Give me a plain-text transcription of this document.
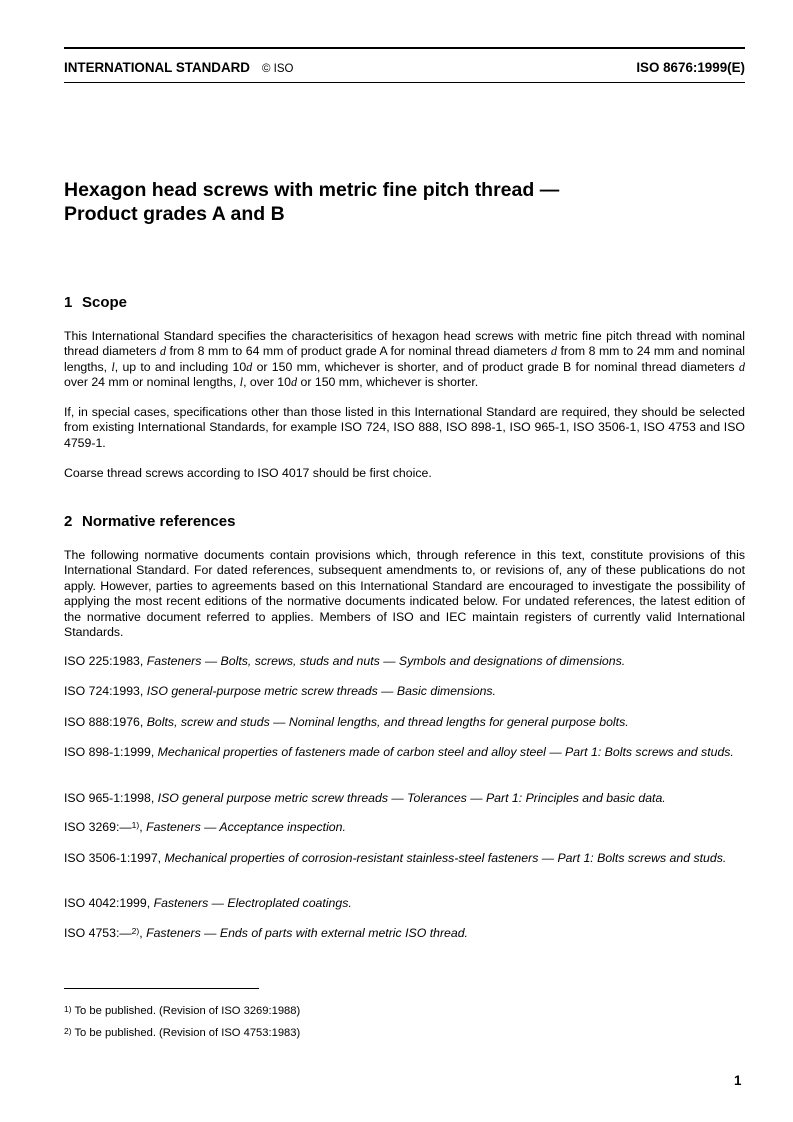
INTERNATIONAL STANDARD © ISO	ISO 8676:1999(E)
Hexagon head screws with metric fine pitch thread —
Product grades A and B
1 Scope

This International Standard specifies the characterisitics of hexagon head screws with metric fine pitch thread with nominal thread diameters d from 8 mm to 64 mm of product grade A for nominal thread diameters d from 8 mm to 24 mm and nominal lengths, l, up to and including 10d or 150 mm, whichever is shorter, and of product grade B for nominal thread diameters d over 24 mm or nominal lengths, l, over 10d or 150 mm, whichever is shorter.

If, in special cases, specifications other than those listed in this International Standard are required, they should be selected from existing International Standards, for example ISO 724, ISO 888, ISO 898-1, ISO 965-1, ISO 3506-1, ISO 4753 and ISO 4759-1.

Coarse thread screws according to ISO 4017 should be first choice.

2 Normative references

The following normative documents contain provisions which, through reference in this text, constitute provisions of this International Standard. For dated references, subsequent amendments to, or revisions of, any of these publications do not apply. However, parties to agreements based on this International Standard are encouraged to investigate the possibility of applying the most recent editions of the normative documents indicated below. For undated references, the latest edition of the normative document referred to applies. Members of ISO and IEC maintain registers of currently valid International Standards.

ISO 225:1983, Fasteners — Bolts, screws, studs and nuts — Symbols and designations of dimensions.

ISO 724:1993, ISO general-purpose metric screw threads — Basic dimensions.

ISO 888:1976, Bolts, screw and studs — Nominal lengths, and thread lengths for general purpose bolts.

ISO 898-1:1999, Mechanical properties of fasteners made of carbon steel and alloy steel — Part 1: Bolts screws and studs.

ISO 965-1:1998, ISO general purpose metric screw threads — Tolerances — Part 1: Principles and basic data.

ISO 3269:—$^{1)}$, Fasteners — Acceptance inspection.

ISO 3506-1:1997, Mechanical properties of corrosion-resistant stainless-steel fasteners — Part 1: Bolts screws and studs.

ISO 4042:1999, Fasteners — Electroplated coatings.

ISO 4753:—$^{2)}$, Fasteners — Ends of parts with external metric ISO thread.

$^{1)}$ To be published. (Revision of ISO 3269:1988)
$^{2)}$ To be published. (Revision of ISO 4753:1983)
1
